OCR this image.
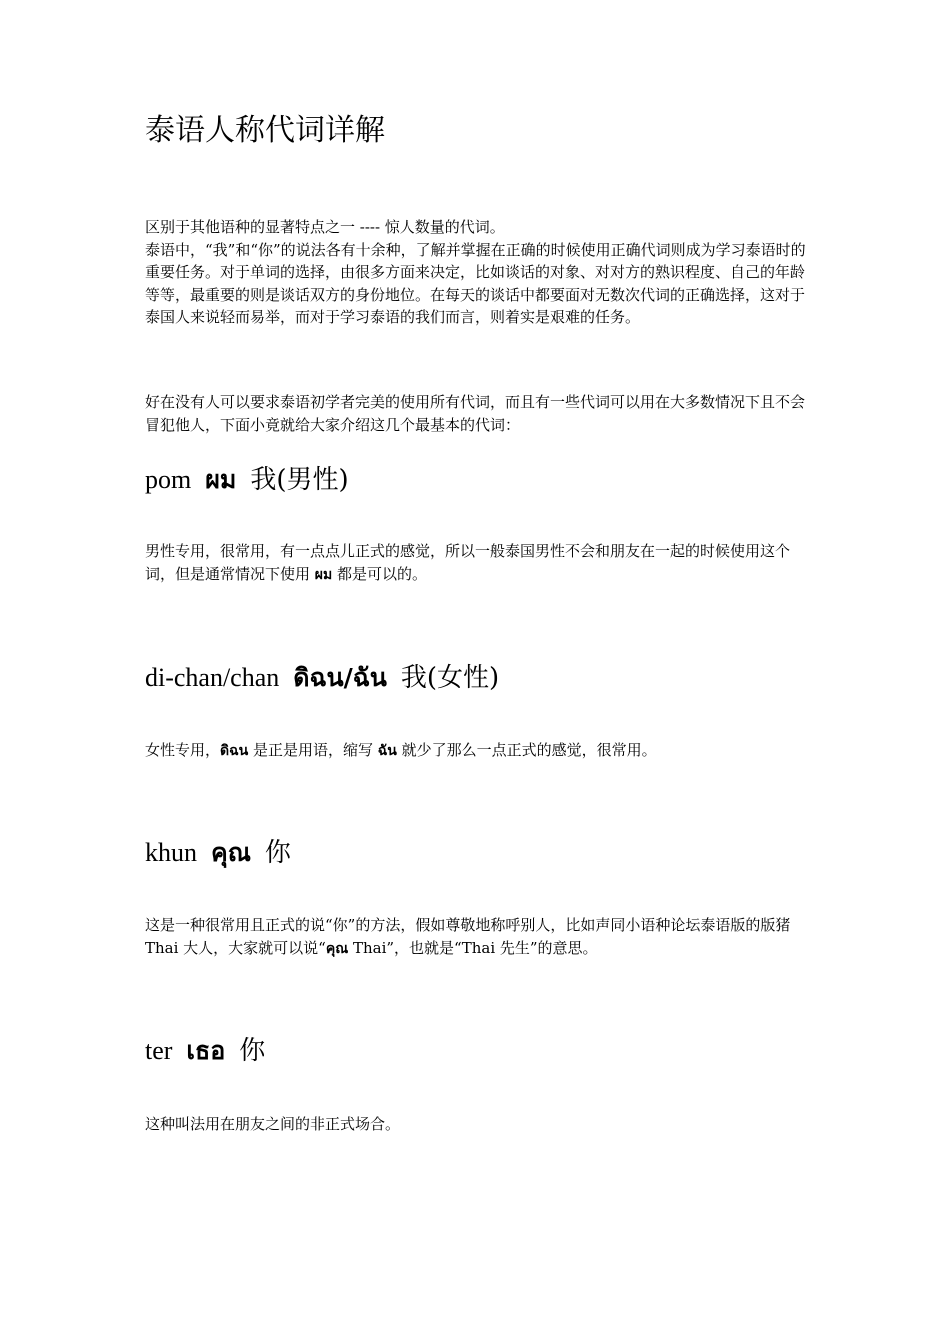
泰语人称代词详解

区别于其他语种的显著特点之一 ---- 惊人数量的代词。
泰语中，“我”和“你”的说法各有十余种，了解并掌握在正确的时候使用正确代词则成为学习泰语时的重要任务。对于单词的选择，由很多方面来决定，比如谈话的对象、对对方的熟识程度、自己的年龄等等，最重要的则是谈话双方的身份地位。在每天的谈话中都要面对无数次代词的正确选择，这对于泰国人来说轻而易举，而对于学习泰语的我们而言，则着实是艰难的任务。

好在没有人可以要求泰语初学者完美的使用所有代词，而且有一些代词可以用在大多数情况下且不会冒犯他人，下面小竟就给大家介绍这几个最基本的代词：

pom ผม 我(男性)

男性专用，很常用，有一点点儿正式的感觉，所以一般泰国男性不会和朋友在一起的时候使用这个词，但是通常情况下使用 ผม 都是可以的。

di-chan/chan ดิฉน/ฉัน 我(女性)

女性专用，ดิฉน 是正是用语，缩写 ฉัน 就少了那么一点正式的感觉，很常用。

khun คุณ 你

这是一种很常用且正式的说“你”的方法，假如尊敬地称呼别人，比如声同小语种论坛泰语版的版猪 Thai 大人，大家就可以说“คุณ Thai”，也就是“Thai 先生”的意思。

ter เธอ 你

这种叫法用在朋友之间的非正式场合。
